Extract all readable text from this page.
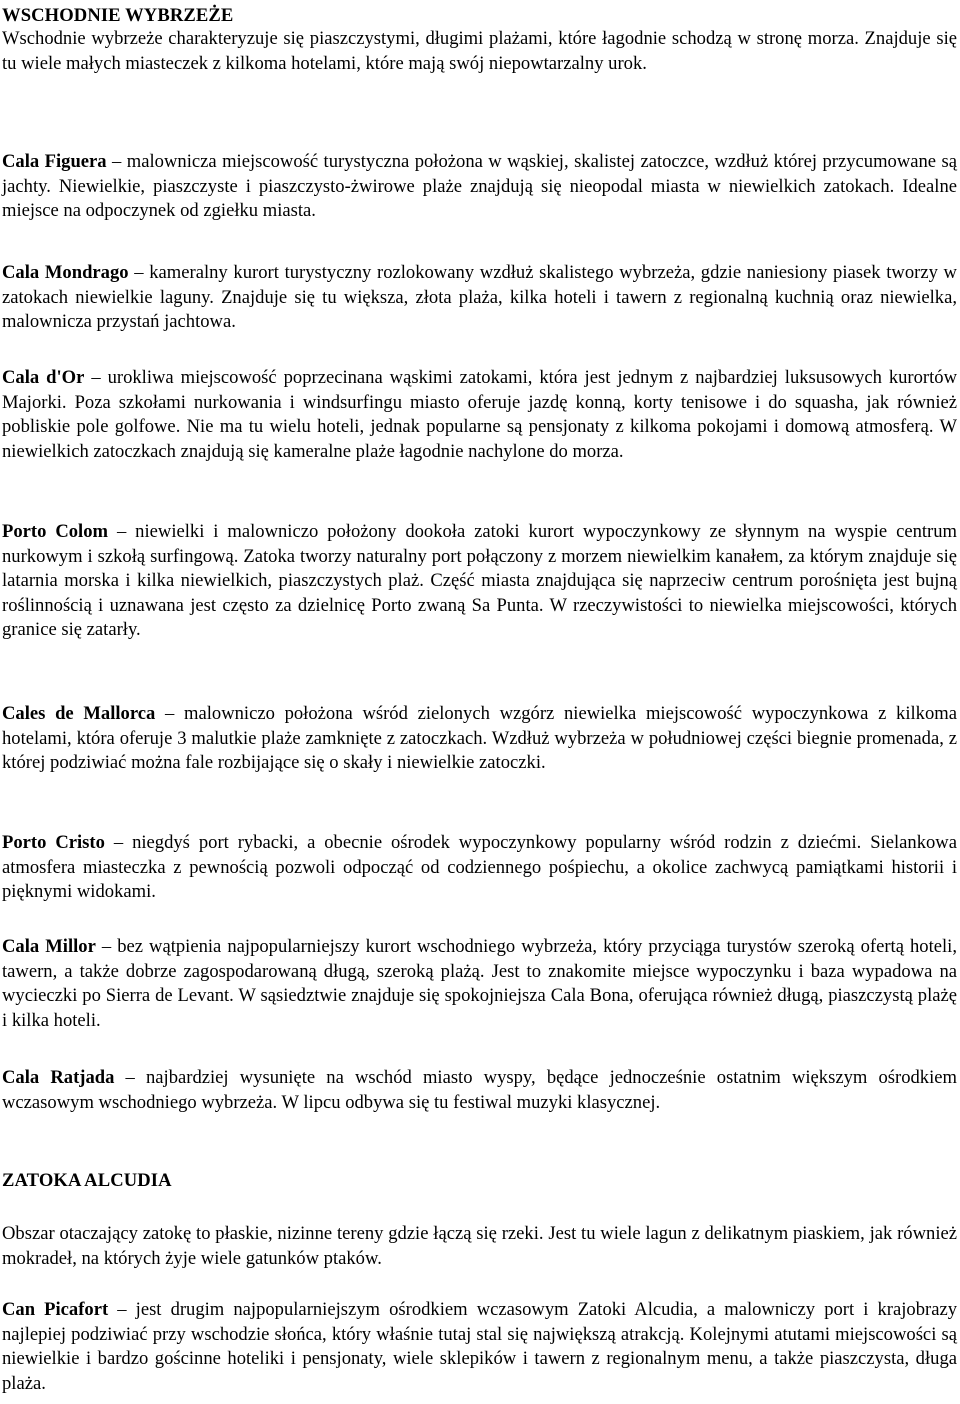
WSCHODNIE WYBRZEŻE

Wschodnie wybrzeże charakteryzuje się piaszczystymi, długimi plażami, które łagodnie schodzą w stronę morza. Znajduje się tu wiele małych miasteczek z kilkoma hotelami, które mają swój niepowtarzalny urok.

Cala Figuera – malownicza miejscowość turystyczna położona w wąskiej, skalistej zatoczce, wzdłuż której przycumowane są jachty. Niewielkie, piaszczyste i piaszczysto-żwirowe plaże znajdują się nieopodal miasta w niewielkich zatokach. Idealne miejsce na odpoczynek od zgiełku miasta.

Cala Mondrago – kameralny kurort turystyczny rozlokowany wzdłuż skalistego wybrzeża, gdzie naniesiony piasek tworzy w zatokach niewielkie laguny. Znajduje się tu większa, złota plaża, kilka hoteli i tawern z regionalną kuchnią oraz niewielka, malownicza przystań jachtowa.

Cala d'Or – urokliwa miejscowość poprzecinana wąskimi zatokami, która jest jednym z najbardziej luksusowych kurortów Majorki. Poza szkołami nurkowania i windsurfingu miasto oferuje jazdę konną, korty tenisowe i do squasha, jak również pobliskie pole golfowe. Nie ma tu wielu hoteli, jednak popularne są pensjonaty z kilkoma pokojami i domową atmosferą. W niewielkich zatoczkach znajdują się kameralne plaże łagodnie nachylone do morza.

Porto Colom – niewielki i malowniczo położony dookoła zatoki kurort wypoczynkowy ze słynnym na wyspie centrum nurkowym i szkołą surfingową. Zatoka tworzy naturalny port połączony z morzem niewielkim kanałem, za którym znajduje się latarnia morska i kilka niewielkich, piaszczystych plaż. Część miasta znajdująca się naprzeciw centrum porośnięta jest bujną roślinnością i uznawana jest często za dzielnicę Porto zwaną Sa Punta. W rzeczywistości to niewielka miejscowości, których granice się zatarły.

Cales de Mallorca – malowniczo położona wśród zielonych wzgórz niewielka miejscowość wypoczynkowa z kilkoma hotelami, która oferuje 3 malutkie plaże zamknięte z zatoczkach. Wzdłuż wybrzeża w południowej części biegnie promenada, z której podziwiać można fale rozbijające się o skały i niewielkie zatoczki.

Porto Cristo – niegdyś port rybacki, a obecnie ośrodek wypoczynkowy popularny wśród rodzin z dziećmi. Sielankowa atmosfera miasteczka z pewnością pozwoli odpocząć od codziennego pośpiechu, a okolice zachwycą pamiątkami historii i pięknymi widokami.

Cala Millor – bez wątpienia najpopularniejszy kurort wschodniego wybrzeża, który przyciąga turystów szeroką ofertą hoteli, tawern, a także dobrze zagospodarowaną długą, szeroką plażą. Jest to znakomite miejsce wypoczynku i baza wypadowa na wycieczki po Sierra de Levant. W sąsiedztwie znajduje się spokojniejsza Cala Bona, oferująca również długą, piaszczystą plażę i kilka hoteli.

Cala Ratjada – najbardziej wysunięte na wschód miasto wyspy, będące jednocześnie ostatnim większym ośrodkiem wczasowym wschodniego wybrzeża. W lipcu odbywa się tu festiwal muzyki klasycznej.

ZATOKA ALCUDIA

Obszar otaczający zatokę to płaskie, nizinne tereny gdzie łączą się rzeki. Jest tu wiele lagun z delikatnym piaskiem, jak również mokradeł, na których żyje wiele gatunków ptaków.

Can Picafort – jest drugim najpopularniejszym ośrodkiem wczasowym Zatoki Alcudia, a malowniczy port i krajobrazy najlepiej podziwiać przy wschodzie słońca, który właśnie tutaj stal się największą atrakcją. Kolejnymi atutami miejscowości są niewielkie i bardzo gościnne hoteliki i pensjonaty, wiele sklepików i tawern z regionalnym menu, a także piaszczysta, długa plaża.
